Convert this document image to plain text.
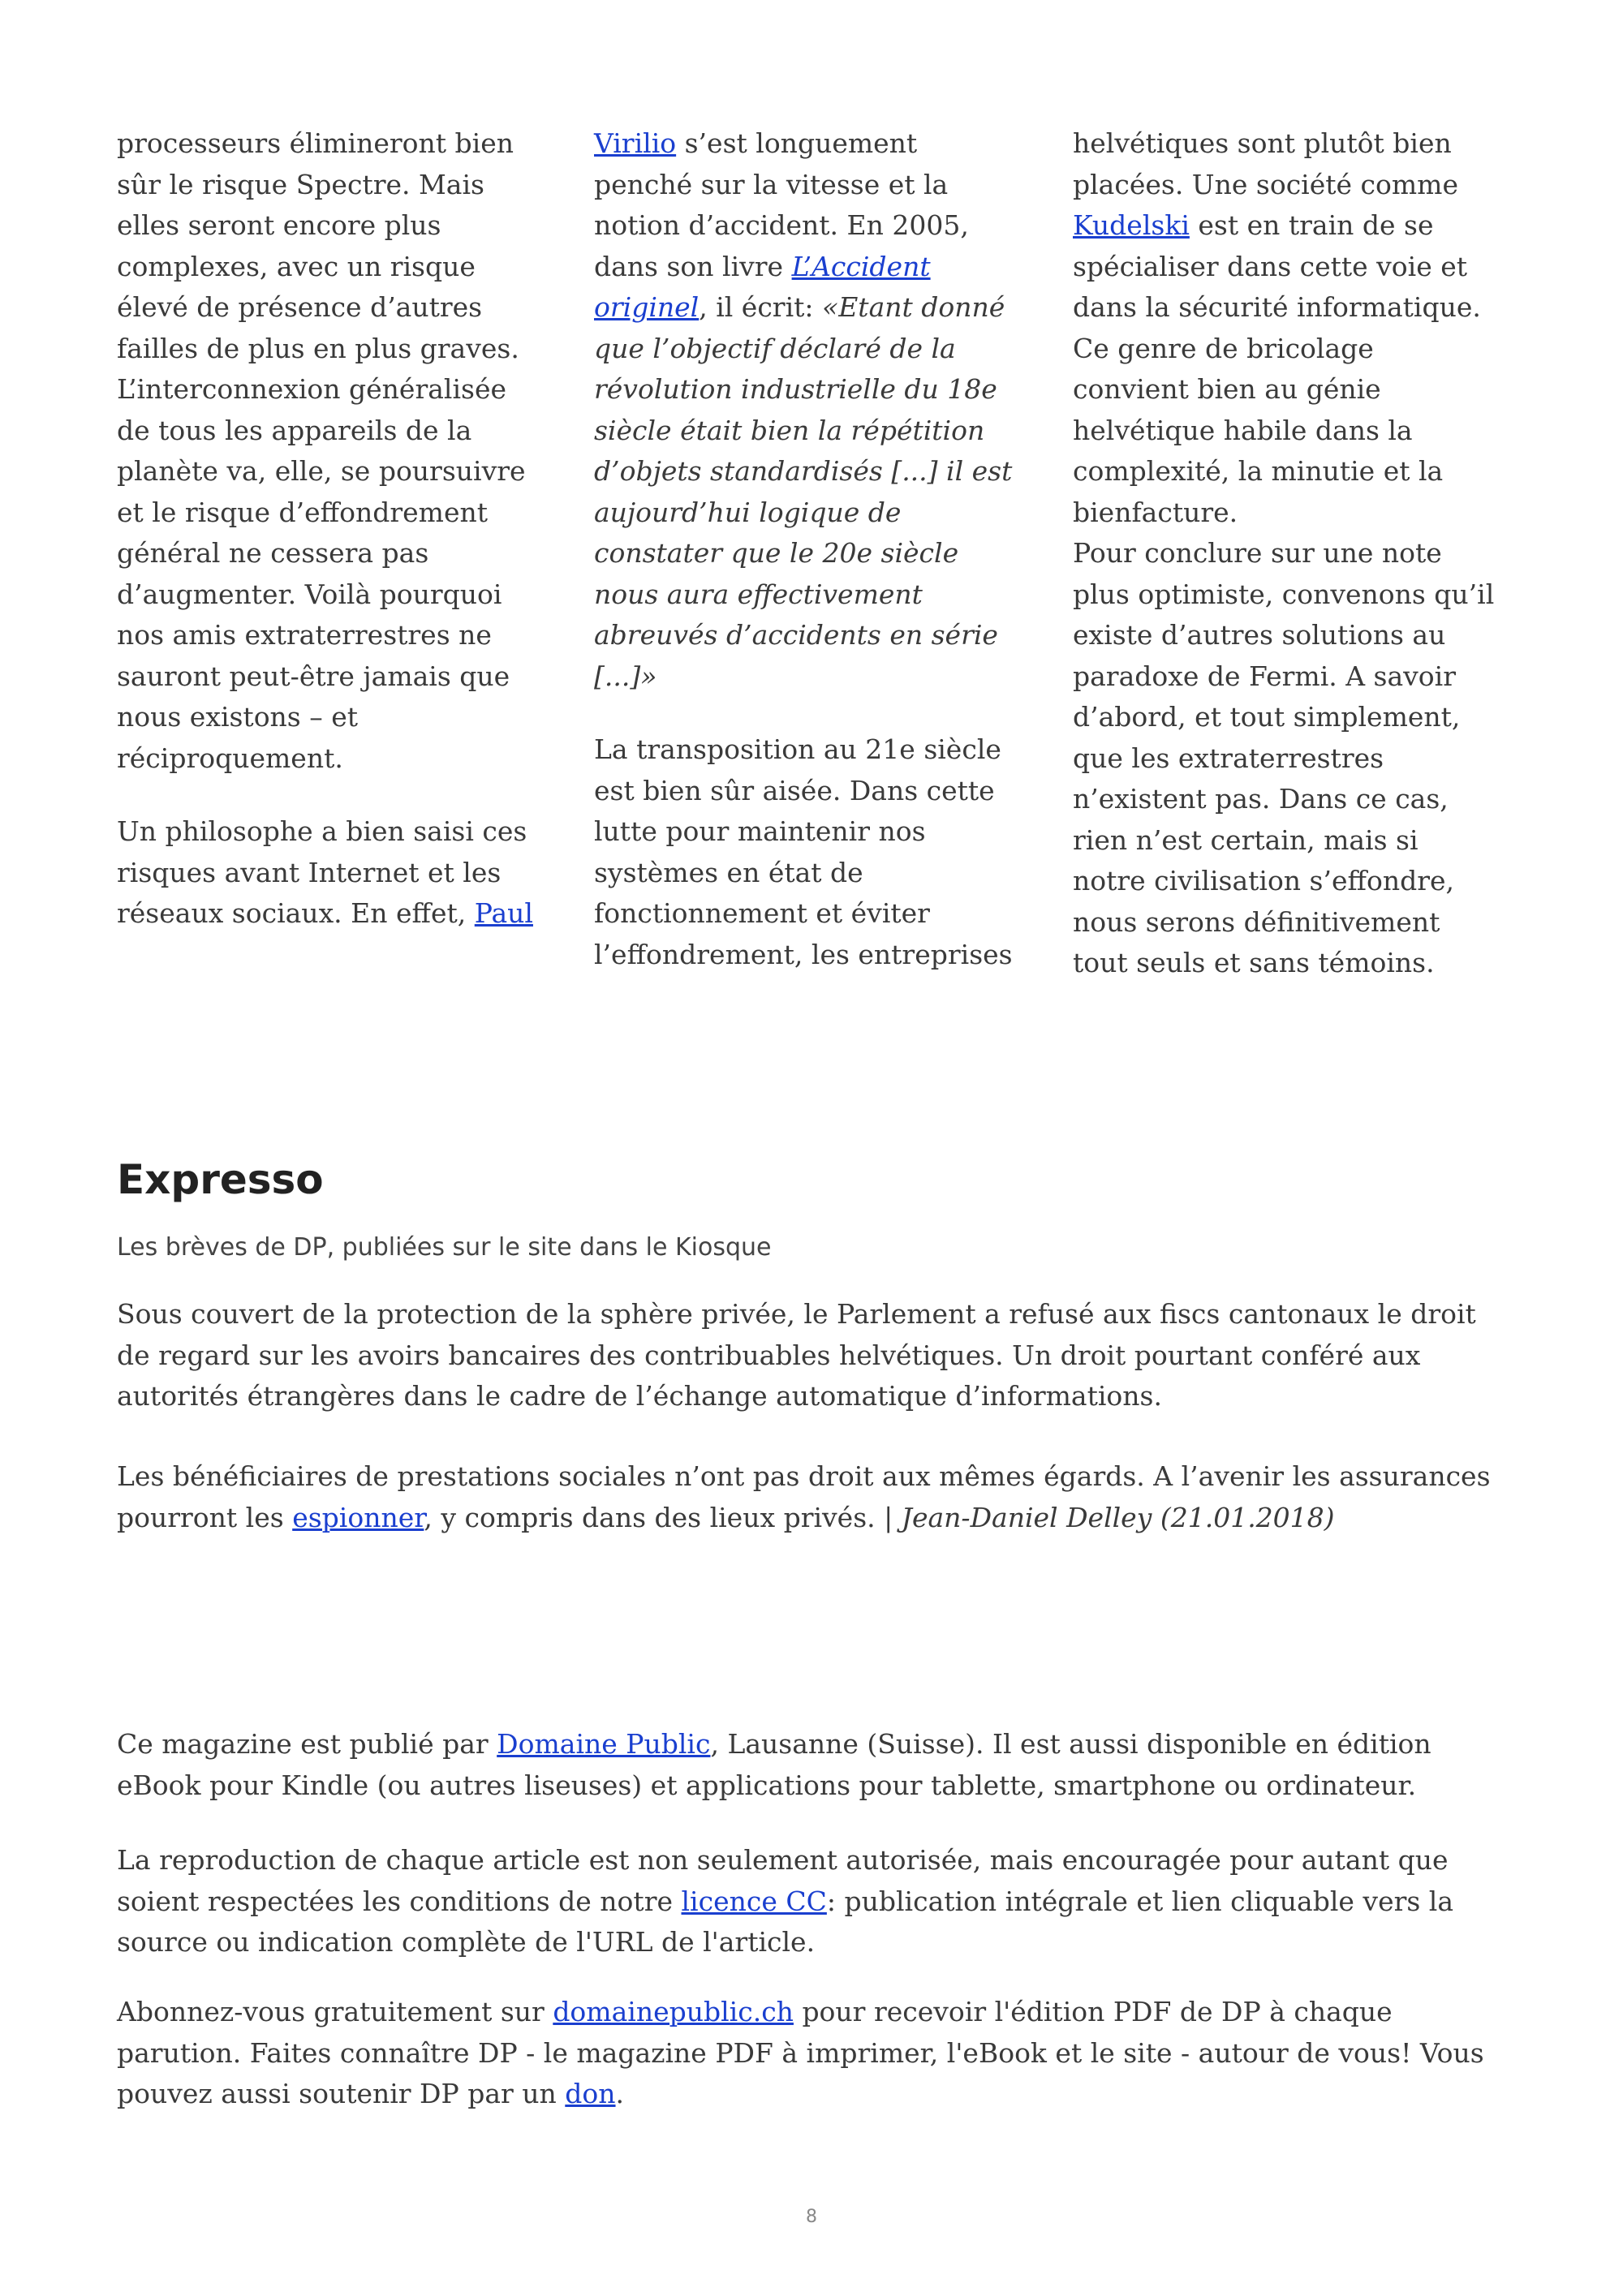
processeurs élimineront bien sûr le risque Spectre. Mais elles seront encore plus complexes, avec un risque élevé de présence d’autres failles de plus en plus graves. L’interconnexion généralisée de tous les appareils de la planète va, elle, se poursuivre et le risque d’effondrement général ne cessera pas d’augmenter. Voilà pourquoi nos amis extraterrestres ne sauront peut-être jamais que nous existons – et réciproquement.

Un philosophe a bien saisi ces risques avant Internet et les réseaux sociaux. En effet, Paul

Virilio s’est longuement penché sur la vitesse et la notion d’accident. En 2005, dans son livre L’Accident originel, il écrit: «Etant donné que l’objectif déclaré de la révolution industrielle du 18e siècle était bien la répétition d’objets standardisés [...] il est aujourd’hui logique de constater que le 20e siècle nous aura effectivement abreuvés d’accidents en série [...]»

La transposition au 21e siècle est bien sûr aisée. Dans cette lutte pour maintenir nos systèmes en état de fonctionnement et éviter l’effondrement, les entreprises

helvétiques sont plutôt bien placées. Une société comme Kudelski est en train de se spécialiser dans cette voie et dans la sécurité informatique. Ce genre de bricolage convient bien au génie helvétique habile dans la complexité, la minutie et la bienfacture.

Pour conclure sur une note plus optimiste, convenons qu’il existe d’autres solutions au paradoxe de Fermi. A savoir d’abord, et tout simplement, que les extraterrestres n’existent pas. Dans ce cas, rien n’est certain, mais si notre civilisation s’effondre, nous serons définitivement tout seuls et sans témoins.

Expresso

Les brèves de DP, publiées sur le site dans le Kiosque

Sous couvert de la protection de la sphère privée, le Parlement a refusé aux fiscs cantonaux le droit de regard sur les avoirs bancaires des contribuables helvétiques. Un droit pourtant conféré aux autorités étrangères dans le cadre de l’échange automatique d’informations.

Les bénéficiaires de prestations sociales n’ont pas droit aux mêmes égards. A l’avenir les assurances pourront les espionner, y compris dans des lieux privés. | Jean-Daniel Delley (21.01.2018)

Ce magazine est publié par Domaine Public, Lausanne (Suisse). Il est aussi disponible en édition eBook pour Kindle (ou autres liseuses) et applications pour tablette, smartphone ou ordinateur.

La reproduction de chaque article est non seulement autorisée, mais encouragée pour autant que soient respectées les conditions de notre licence CC: publication intégrale et lien cliquable vers la source ou indication complète de l'URL de l'article.

Abonnez-vous gratuitement sur domainepublic.ch pour recevoir l'édition PDF de DP à chaque parution. Faites connaître DP - le magazine PDF à imprimer, l'eBook et le site - autour de vous! Vous pouvez aussi soutenir DP par un don.

8
